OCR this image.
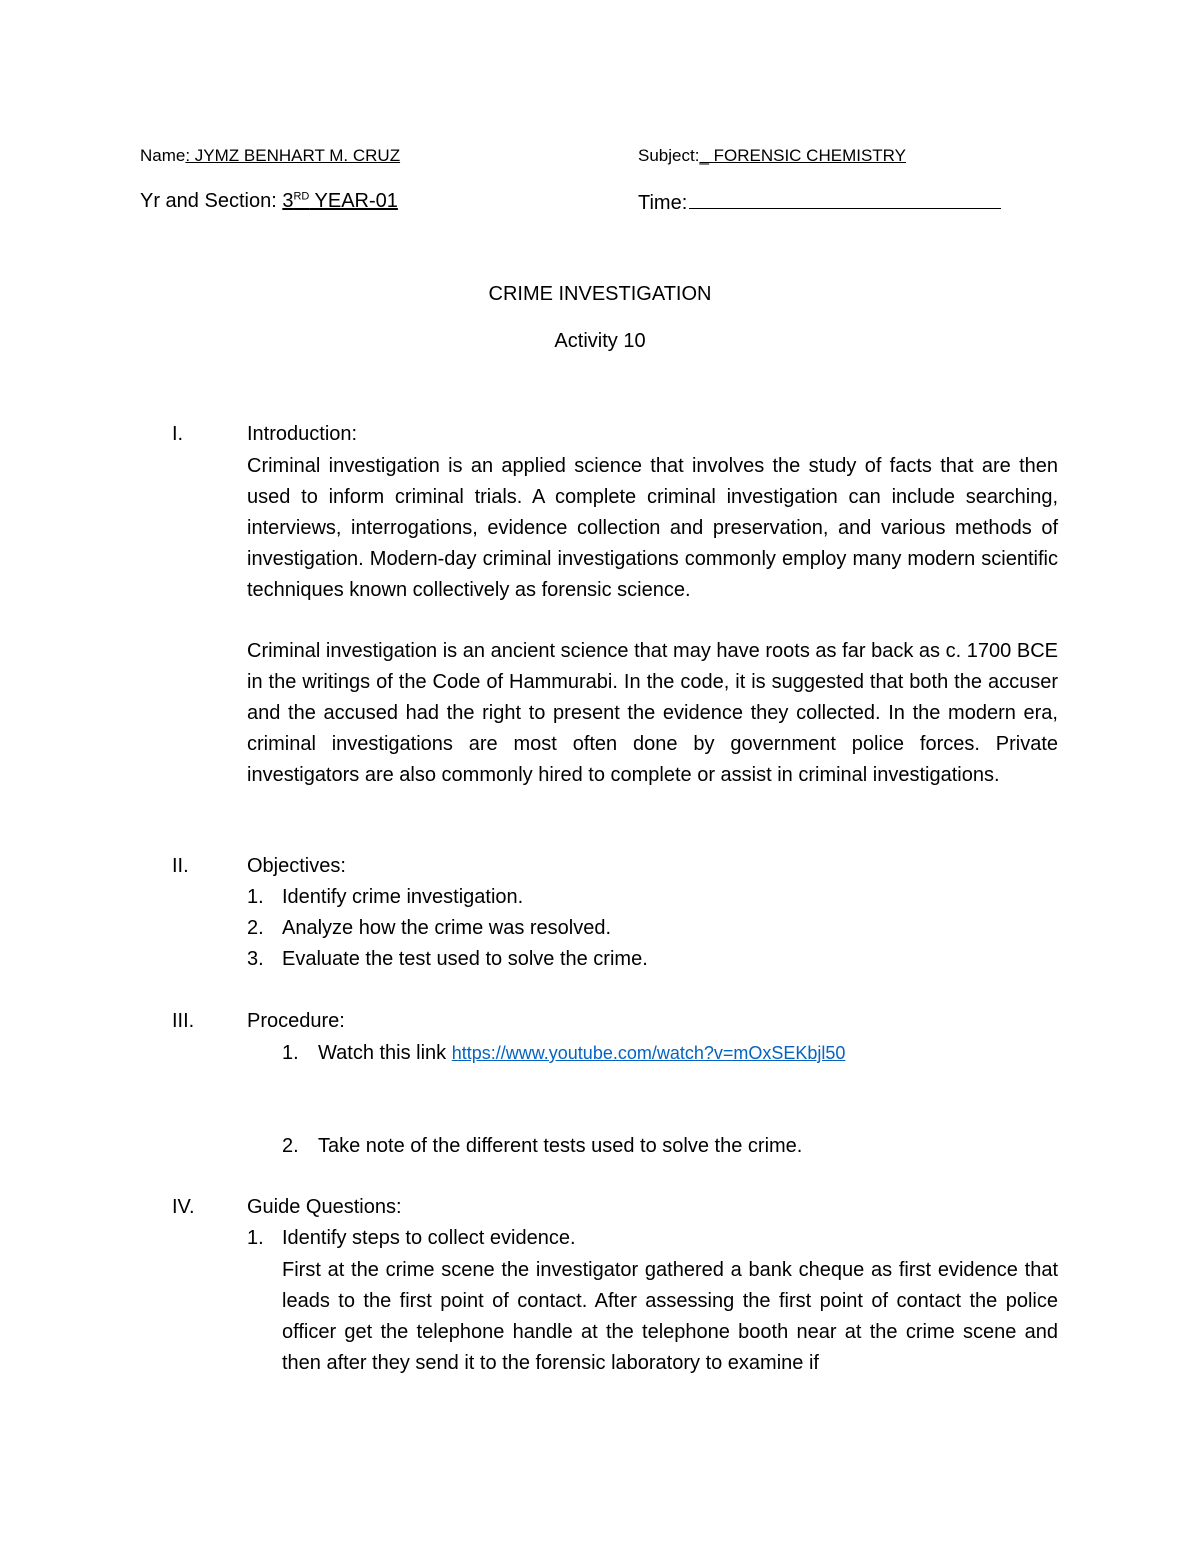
Name: JYMZ BENHART M. CRUZ	Subject:_ FORENSIC CHEMISTRY
Yr and Section: 3RD YEAR-01	Time:
CRIME INVESTIGATION
Activity 10
I.	Introduction:
Criminal investigation is an applied science that involves the study of facts that are then used to inform criminal trials. A complete criminal investigation can include searching, interviews, interrogations, evidence collection and preservation, and various methods of investigation. Modern-day criminal investigations commonly employ many modern scientific techniques known collectively as forensic science.
Criminal investigation is an ancient science that may have roots as far back as c. 1700 BCE in the writings of the Code of Hammurabi. In the code, it is suggested that both the accuser and the accused had the right to present the evidence they collected. In the modern era, criminal investigations are most often done by government police forces. Private investigators are also commonly hired to complete or assist in criminal investigations.
II.	Objectives:
1. Identify crime investigation.
2. Analyze how the crime was resolved.
3. Evaluate the test used to solve the crime.
III.	Procedure:
1. Watch this link https://www.youtube.com/watch?v=mOxSEKbjl50
2. Take note of the different tests used to solve the crime.
IV.	Guide Questions:
1. Identify steps to collect evidence.
First at the crime scene the investigator gathered a bank cheque as first evidence that leads to the first point of contact. After assessing the first point of contact the police officer get the telephone handle at the telephone booth near at the crime scene and then after they send it to the forensic laboratory to examine if
